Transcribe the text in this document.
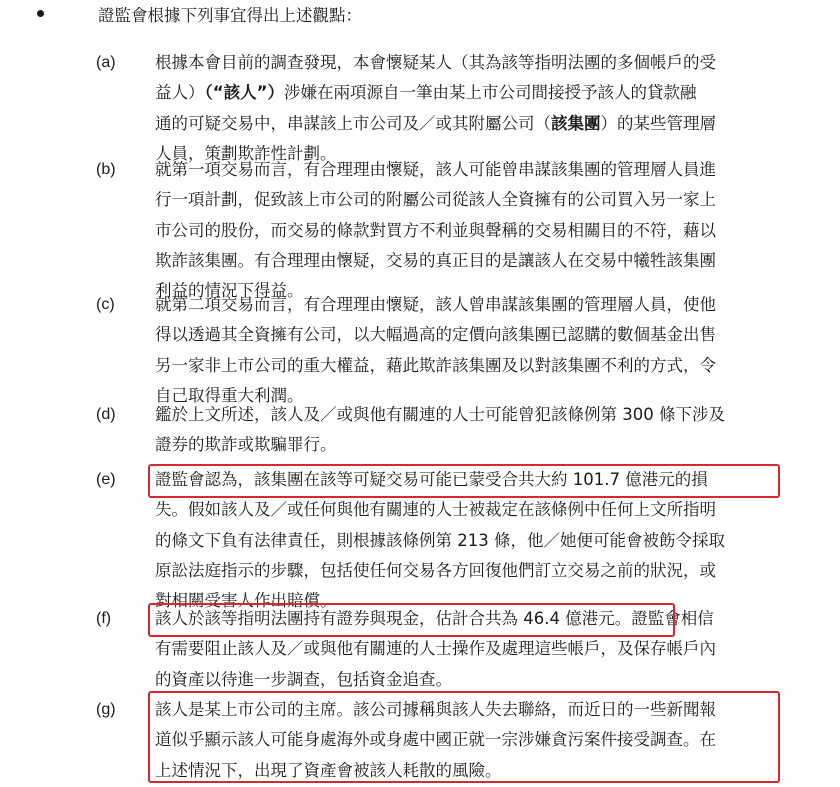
證監會根據下列事宜得出上述觀點：
(a) 根據本會目前的調查發現，本會懷疑某人（其為該等指明法團的多個帳戶的受
益人）（“該人”）涉嫌在兩項源自一筆由某上市公司間接授予該人的貸款融
通的可疑交易中，串謀該上市公司及／或其附屬公司（該集團）的某些管理層
人員，策劃欺詐性計劃。
(b) 就第一項交易而言，有合理理由懷疑，該人可能曾串謀該集團的管理層人員進
行一項計劃，促致該上市公司的附屬公司從該人全資擁有的公司買入另一家上
市公司的股份，而交易的條款對買方不利並與聲稱的交易相關目的不符，藉以
欺詐該集團。有合理理由懷疑，交易的真正目的是讓該人在交易中犧牲該集團
利益的情況下得益。
(c) 就第二項交易而言，有合理理由懷疑，該人曾串謀該集團的管理層人員，使他
得以透過其全資擁有公司，以大幅過高的定價向該集團已認購的數個基金出售
另一家非上市公司的重大權益，藉此欺詐該集團及以對該集團不利的方式，令
自己取得重大利潤。
(d) 鑑於上文所述，該人及／或與他有關連的人士可能曾犯該條例第 300 條下涉及
證券的欺詐或欺騙罪行。
(e) 證監會認為，該集團在該等可疑交易可能已蒙受合共大約 101.7 億港元的損
失。假如該人及／或任何與他有關連的人士被裁定在該條例中任何上文所指明
的條文下負有法律責任，則根據該條例第 213 條，他／她便可能會被飭令採取
原訟法庭指示的步驟，包括使任何交易各方回復他們訂立交易之前的狀況，或
對相關受害人作出賠償。
(f)	該人於該等指明法團持有證券與現金，估計合共為 46.4 億港元。證監會相信
有需要阻止該人及／或與他有關連的人士操作及處理這些帳戶，及保存帳戶內
的資產以待進一步調查，包括資金追查。
(g) 該人是某上市公司的主席。該公司據稱與該人失去聯絡，而近日的一些新聞報
道似乎顯示該人可能身處海外或身處中國正就一宗涉嫌貪污案件接受調查。在
上述情況下，出現了資產會被該人耗散的風險。
